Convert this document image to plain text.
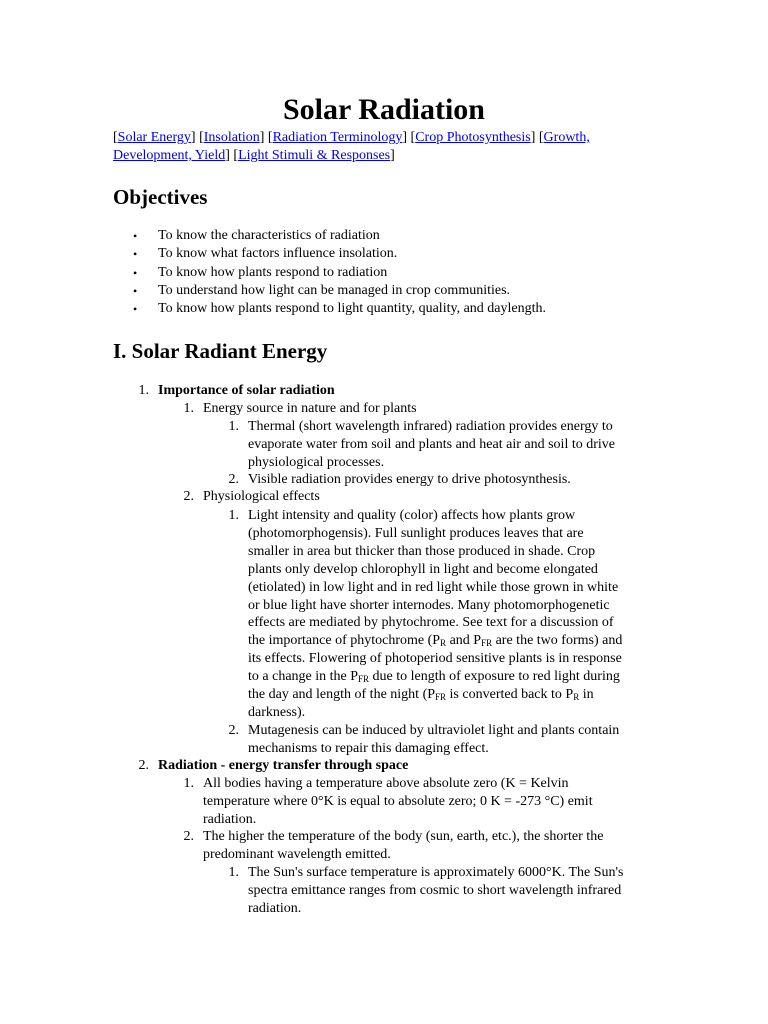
Solar Radiation
[Solar Energy] [Insolation] [Radiation Terminology] [Crop Photosynthesis] [Growth, Development, Yield] [Light Stimuli & Responses]
Objectives
• To know the characteristics of radiation
• To know what factors influence insolation.
• To know how plants respond to radiation
• To understand how light can be managed in crop communities.
• To know how plants respond to light quantity, quality, and daylength.
I. Solar Radiant Energy
1. Importance of solar radiation
1. Energy source in nature and for plants
1. Thermal (short wavelength infrared) radiation provides energy to
evaporate water from soil and plants and heat air and soil to drive
physiological processes.
2. Visible radiation provides energy to drive photosynthesis.
2. Physiological effects
1. Light intensity and quality (color) affects how plants grow
(photomorphogensis). Full sunlight produces leaves that are
smaller in area but thicker than those produced in shade. Crop
plants only develop chlorophyll in light and become elongated
(etiolated) in low light and in red light while those grown in white
or blue light have shorter internodes. Many photomorphogenetic
effects are mediated by phytochrome. See text for a discussion of
the importance of phytochrome ($P_R$ and $P_{FR}$ are the two forms) and
its effects. Flowering of photoperiod sensitive plants is in response
to a change in the $P_{FR}$ due to length of exposure to red light during
the day and length of the night ($P_{FR}$ is converted back to $P_R$ in
darkness).
2. Mutagenesis can be induced by ultraviolet light and plants contain
mechanisms to repair this damaging effect.
2. Radiation - energy transfer through space
1. All bodies having a temperature above absolute zero (K = Kelvin
temperature where 0°K is equal to absolute zero; 0 K = -273 °C) emit
radiation.
2. The higher the temperature of the body (sun, earth, etc.), the shorter the
predominant wavelength emitted.
1. The Sun's surface temperature is approximately 6000°K. The Sun's
spectra emittance ranges from cosmic to short wavelength infrared
radiation.
